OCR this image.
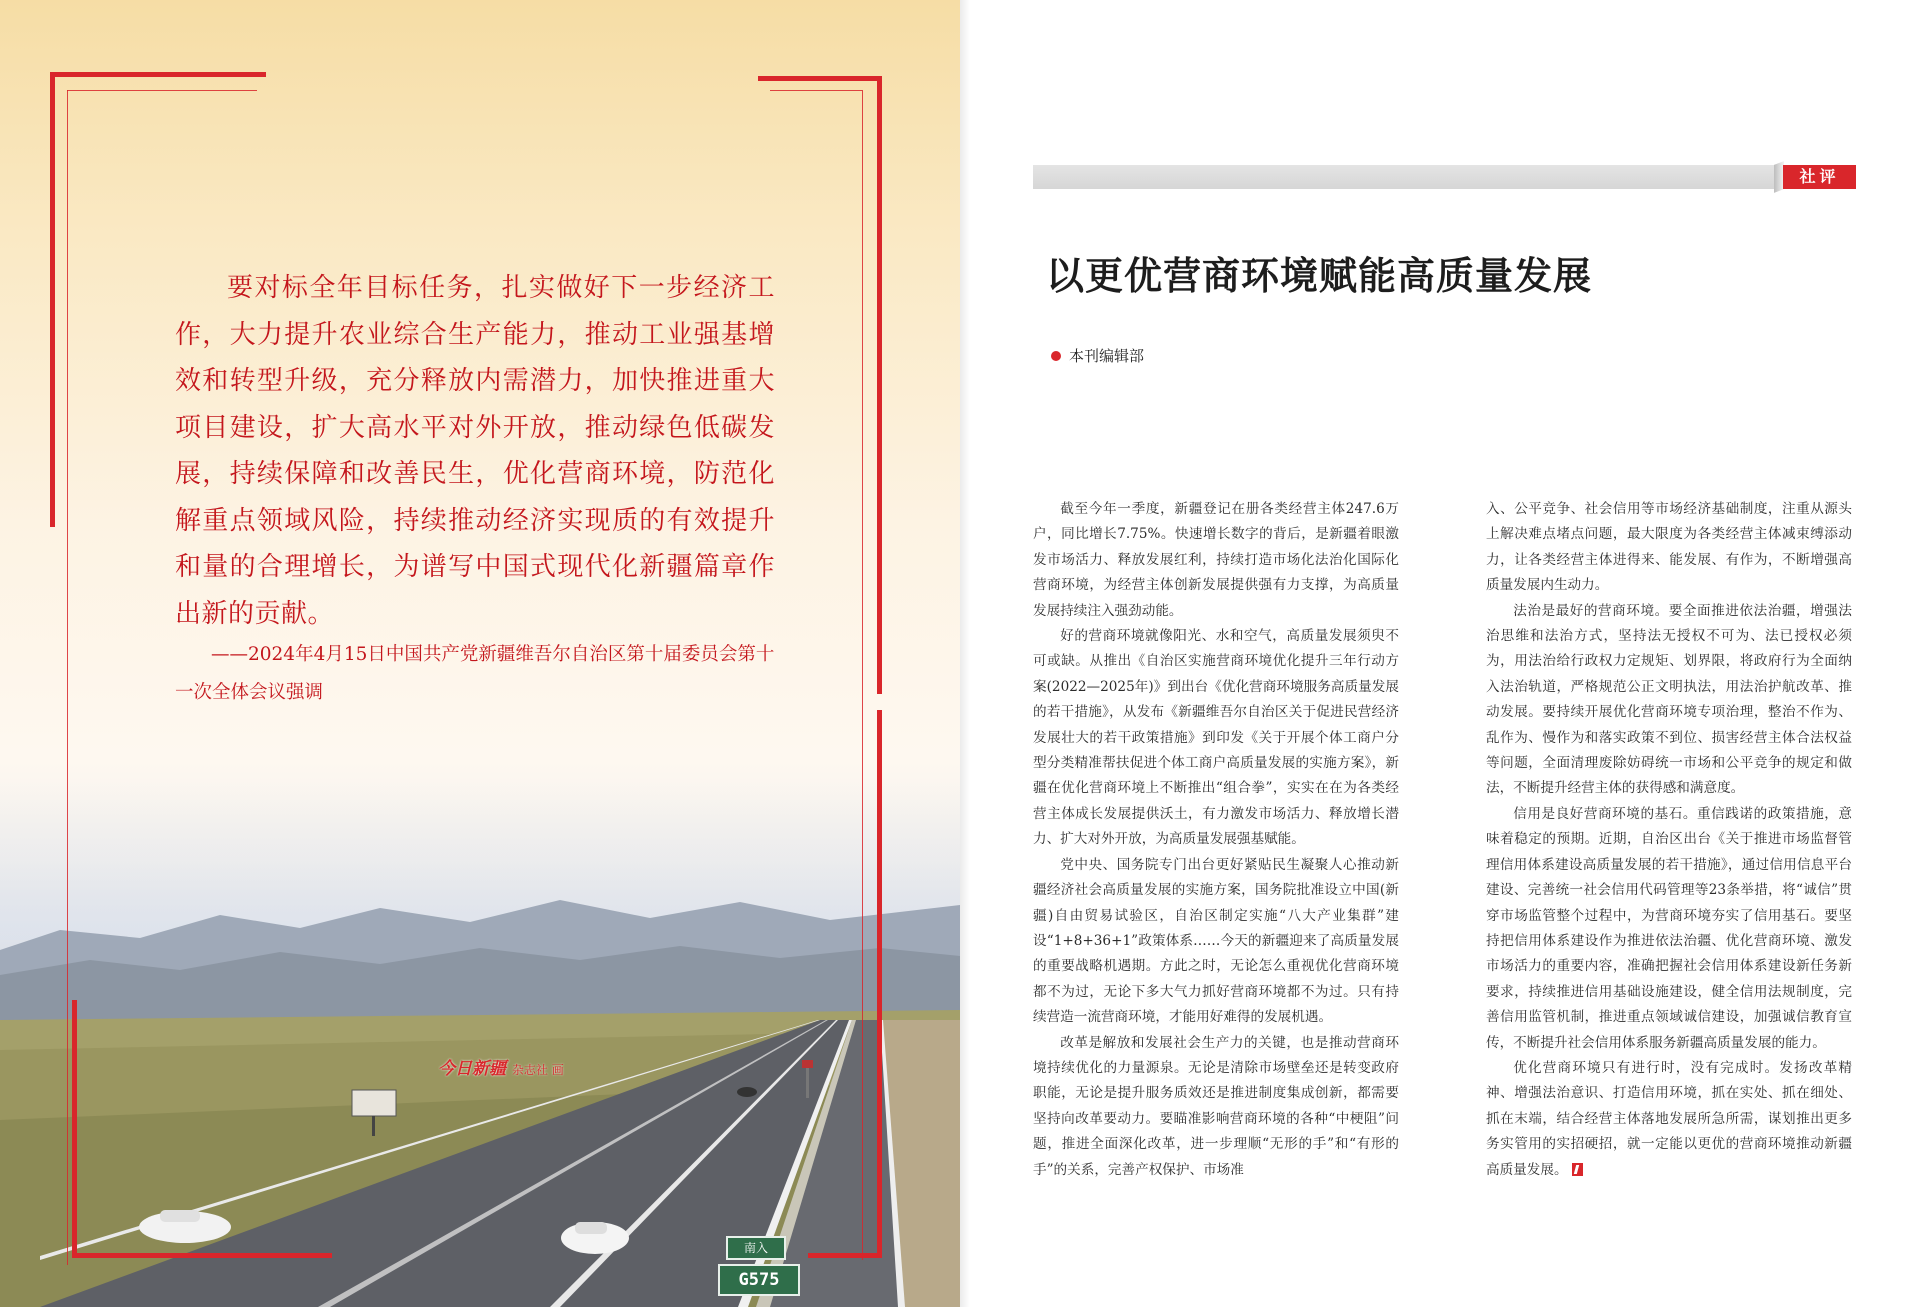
要对标全年目标任务，扎实做好下一步经济工作，大力提升农业综合生产能力，推动工业强基增效和转型升级，充分释放内需潜力，加快推进重大项目建设，扩大高水平对外开放，推动绿色低碳发展，持续保障和改善民生，优化营商环境，防范化解重点领域风险，持续推动经济实现质的有效提升和量的合理增长，为谱写中国式现代化新疆篇章作出新的贡献。
——2024年4月15日中国共产党新疆维吾尔自治区第十届委员会第十一次全体会议强调
今日新疆 杂志社 画
南入
G575
社评
以更优营商环境赋能高质量发展
本刊编辑部

截至今年一季度，新疆登记在册各类经营主体247.6万户，同比增长7.75%。快速增长数字的背后，是新疆着眼激发市场活力、释放发展红利，持续打造市场化法治化国际化营商环境，为经营主体创新发展提供强有力支撑，为高质量发展持续注入强劲动能。

好的营商环境就像阳光、水和空气，高质量发展须臾不可或缺。从推出《自治区实施营商环境优化提升三年行动方案(2022—2025年)》到出台《优化营商环境服务高质量发展的若干措施》，从发布《新疆维吾尔自治区关于促进民营经济发展壮大的若干政策措施》到印发《关于开展个体工商户分型分类精准帮扶促进个体工商户高质量发展的实施方案》，新疆在优化营商环境上不断推出“组合拳”，实实在在为各类经营主体成长发展提供沃土，有力激发市场活力、释放增长潜力、扩大对外开放，为高质量发展强基赋能。

党中央、国务院专门出台更好紧贴民生凝聚人心推动新疆经济社会高质量发展的实施方案，国务院批准设立中国(新疆)自由贸易试验区，自治区制定实施“八大产业集群”建设“1+8+36+1”政策体系……今天的新疆迎来了高质量发展的重要战略机遇期。方此之时，无论怎么重视优化营商环境都不为过，无论下多大气力抓好营商环境都不为过。只有持续营造一流营商环境，才能用好难得的发展机遇。

改革是解放和发展社会生产力的关键，也是推动营商环境持续优化的力量源泉。无论是清除市场壁垒还是转变政府职能，无论是提升服务质效还是推进制度集成创新，都需要坚持向改革要动力。要瞄准影响营商环境的各种“中梗阻”问题，推进全面深化改革，进一步理顺“无形的手”和“有形的手”的关系，完善产权保护、市场准

入、公平竞争、社会信用等市场经济基础制度，注重从源头上解决难点堵点问题，最大限度为各类经营主体减束缚添动力，让各类经营主体进得来、能发展、有作为，不断增强高质量发展内生动力。

法治是最好的营商环境。要全面推进依法治疆，增强法治思维和法治方式，坚持法无授权不可为、法已授权必须为，用法治给行政权力定规矩、划界限，将政府行为全面纳入法治轨道，严格规范公正文明执法，用法治护航改革、推动发展。要持续开展优化营商环境专项治理，整治不作为、乱作为、慢作为和落实政策不到位、损害经营主体合法权益等问题，全面清理废除妨碍统一市场和公平竞争的规定和做法，不断提升经营主体的获得感和满意度。

信用是良好营商环境的基石。重信践诺的政策措施，意味着稳定的预期。近期，自治区出台《关于推进市场监督管理信用体系建设高质量发展的若干措施》，通过信用信息平台建设、完善统一社会信用代码管理等23条举措，将“诚信”贯穿市场监管整个过程中，为营商环境夯实了信用基石。要坚持把信用体系建设作为推进依法治疆、优化营商环境、激发市场活力的重要内容，准确把握社会信用体系建设新任务新要求，持续推进信用基础设施建设，健全信用法规制度，完善信用监管机制，推进重点领域诚信建设，加强诚信教育宣传，不断提升社会信用体系服务新疆高质量发展的能力。

优化营商环境只有进行时，没有完成时。发扬改革精神、增强法治意识、打造信用环境，抓在实处、抓在细处、抓在末端，结合经营主体落地发展所急所需，谋划推出更多务实管用的实招硬招，就一定能以更优的营商环境推动新疆高质量发展。
